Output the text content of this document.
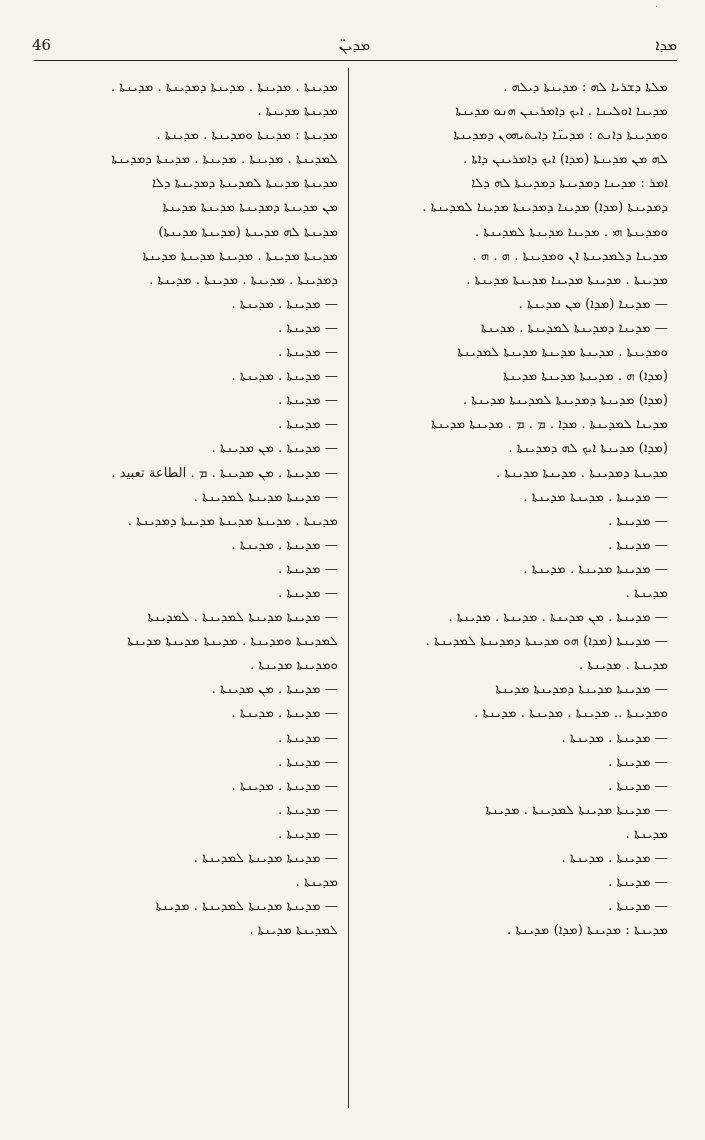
·
46	ܡܕܝܢ̈	ܡܕܐ
ܡܠܬܐ ܕܫܪܝܐ ܠܗ : ܡܕܝܢܬܐ ܕܝܠܗ .
ܡܕܝܢܐ ܐܘܠܝܢܐ . ܐܝܟ ܕܐܡܪܝܢܢ ܗܢܘ ܡܕܝܢܬܐ
ܘܡܕܝܢܬܐ ܕܐܢܬ : ܡܕܝܢ̈ܐ ܕܐܝܬܝܗܘܢ ܕܡܕܝܢܬܐ
ܠܗ ܡܢ ܡܕܝܢܬܐ (ܡܕܐ) ܐܝܟ ܕܐܡܪܝܢܢ ܕܐܬܐ .
ܐܡܪ : ܡܕܝܢܐ ܕܡܕܝܢܬܐ ܕܡܕܝܢܬܐ ܠܗ ܕܠܐ
ܕܡܕܝܢܬܐ (ܡܕܐ) ܡܕܝܢܐ ܕܡܕܝܢܬܐ ܡܕܝܢܐ ܠܡܕܝܢܬܐ .
ܘܡܕܝܢܬܐ ܗܝ . ܡܕܝܢܐ ܡܕܝܢܬܐ ܠܡܕܝܢܬܐ .
ܡܕܝܢܐ ܕܠܡܕܝܢܬܐ ܐܢ ܘܡܕܝܢܬܐ . ܗ . ܗ .
ܡܕܝܢܬܐ . ܡܕܝܢܬܐ ܡܕܝܢܐ ܡܕܝܢܬܐ ܡܕܝܢܬܐ .
— ܡܕܝܢܐ (ܡܕܐ) ܡܢ ܡܕܝܢܬܐ .
— ܡܕܝܢܐ ܕܡܕܝܢܬܐ ܠܡܕܝܢܬܐ . ܡܕܝܢܬܐ
ܘܡܕܝܢܬܐ . ܡܕܝܢܬܐ ܡܕܝܢܬܐ ܡܕܝܢܬܐ ܠܡܕܝܢܬܐ
(ܡܕܐ) ܗ . ܡܕܝܢܬܐ ܡܕܝܢܬܐ ܡܕܝܢܬܐ
(ܡܕܐ) ܡܕܝܢܬܐ ܕܡܕܝܢܬܐ ܠܡܕܝܢܬܐ ܡܕܝܢܬܐ .
ܡܕܝܢܐ ܠܡܕܝܢܬܐ . ܡܕܐ . ܡ . ܡ . ܡܕܝܢܬܐ ܡܕܝܢܬܐ
(ܡܕܐ) ܡܕܝܢܬܐ ܐܝܟ ܠܗ ܕܡܕܝܢܬܐ .
ܡܕܝܢܬܐ ܕܡܕܝܢܬܐ . ܡܕܝܢܬܐ ܡܕܝܢܬܐ .
— ܡܕܝܢܬܐ . ܡܕܝܢܬܐ ܡܕܝܢܬܐ .
— ܡܕܝܢܬܐ .
— ܡܕܝܢܬܐ .
— ܡܕܝܢܬܐ ܡܕܝܢܬܐ . ܡܕܝܢܬܐ .
ܡܕܝܢܬܐ .
— ܡܕܝܢܬܐ . ܡܢ ܡܕܝܢܬܐ . ܡܕܝܢܬܐ . ܡܕܝܢܬܐ .
— ܡܕܝܢܬܐ (ܡܕܐ) ܗܘ ܡܕܝܢܬܐ ܕܡܕܝܢܬܐ ܠܡܕܝܢܬܐ .
ܡܕܝܢܬܐ . ܡܕܝܢܬܐ .
— ܡܕܝܢܬܐ ܡܕܝܢܬܐ ܕܡܕܝܢܬܐ ܡܕܝܢܬܐ
ܘܡܕܝܢܬܐ .. ܡܕܝܢܬܐ . ܡܕܝܢܬܐ . ܡܕܝܢܬܐ .
— ܡܕܝܢܬܐ . ܡܕܝܢܬܐ .
— ܡܕܝܢܬܐ .
— ܡܕܝܢܬܐ .
— ܡܕܝܢܬܐ ܡܕܝܢܬܐ ܠܡܕܝܢܬܐ . ܡܕܝܢܬܐ
ܡܕܝܢܬܐ .
— ܡܕܝܢܬܐ . ܡܕܝܢܬܐ .
— ܡܕܝܢܬܐ .
— ܡܕܝܢܬܐ .
ܡܕܝܢܬܐ : ܡܕܝܢܬܐ (ܡܕܐ) ܡܕܝܢܬܐ .
ܡܕܝܢܬܐ . ܡܕܝܢܬܐ . ܡܕܝܢܬܐ ܕܡܕܝܢܬܐ . ܡܕܝܢܬܐ .
ܡܕܝܢܬܐ ܡܕܝܢܬܐ .
ܡܕܝܢܬܐ : ܡܕܝܢܬܐ ܘܡܕܝܢܬܐ . ܡܕܝܢܬܐ .
ܠܡܕܝܢܬܐ . ܡܕܝܢܬܐ . ܡܕܝܢܬܐ . ܡܕܝܢܬܐ ܕܡܕܝܢܬܐ
ܡܕܝܢܬܐ ܡܕܝܢܬܐ ܠܡܕܝܢܬܐ ܕܡܕܝܢܬܐ ܕܠܐ
ܡܢ ܡܕܝܢܬܐ ܕܡܕܝܢܬܐ ܡܕܝܢܬܐ ܡܕܝܢܬܐ
ܡܕܝܢܬܐ ܠܗ ܡܕܝܢܬܐ (ܡܕܝܢܬܐ ܡܕܝܢܬܐ)
ܡܕܝܢܬܐ ܡܕܝܢܬܐ . ܡܕܝܢܬܐ ܡܕܝܢܬܐ ܡܕܝܢܬܐ
ܕܡܕܝܢܬܐ . ܡܕܝܢܬܐ . ܡܕܝܢܬܐ . ܡܕܝܢܬܐ .
— ܡܕܝܢܬܐ . ܡܕܝܢܬܐ .
— ܡܕܝܢܬܐ .
— ܡܕܝܢܬܐ .
— ܡܕܝܢܬܐ . ܡܕܝܢܬܐ .
— ܡܕܝܢܬܐ .
— ܡܕܝܢܬܐ .
— ܡܕܝܢܬܐ . ܡܢ ܡܕܝܢܬܐ .
— ܡܕܝܢܬܐ . ܡܢ ܡܕܝܢܬܐ . ܡ . الطاعة تعبيد .
— ܡܕܝܢܬܐ ܡܕܝܢܬܐ ܠܡܕܝܢܬܐ .
ܡܕܝܢܬܐ . ܡܕܝܢܬܐ ܡܕܝܢܬܐ ܡܕܝܢܬܐ ܕܡܕܝܢܬܐ .
— ܡܕܝܢܬܐ . ܡܕܝܢܬܐ .
— ܡܕܝܢܬܐ .
— ܡܕܝܢܬܐ .
— ܡܕܝܢܬܐ ܡܕܝܢܬܐ ܠܡܕܝܢܬܐ . ܠܡܕܝܢܬܐ
ܠܡܕܝܢܬܐ ܘܡܕܝܢܬܐ . ܡܕܝܢܬܐ ܡܕܝܢܬܐ ܡܕܝܢܬܐ
ܘܡܕܝܢܬܐ ܡܕܝܢܬܐ .
— ܡܕܝܢܬܐ . ܡܢ ܡܕܝܢܬܐ .
— ܡܕܝܢܬܐ . ܡܕܝܢܬܐ .
— ܡܕܝܢܬܐ .
— ܡܕܝܢܬܐ .
— ܡܕܝܢܬܐ . ܡܕܝܢܬܐ .
— ܡܕܝܢܬܐ .
— ܡܕܝܢܬܐ .
— ܡܕܝܢܬܐ ܡܕܝܢܬܐ ܠܡܕܝܢܬܐ .
ܡܕܝܢܬܐ .
— ܡܕܝܢܬܐ ܡܕܝܢܬܐ ܠܡܕܝܢܬܐ . ܡܕܝܢܬܐ
ܠܡܕܝܢܬܐ ܡܕܝܢܬܐ .
